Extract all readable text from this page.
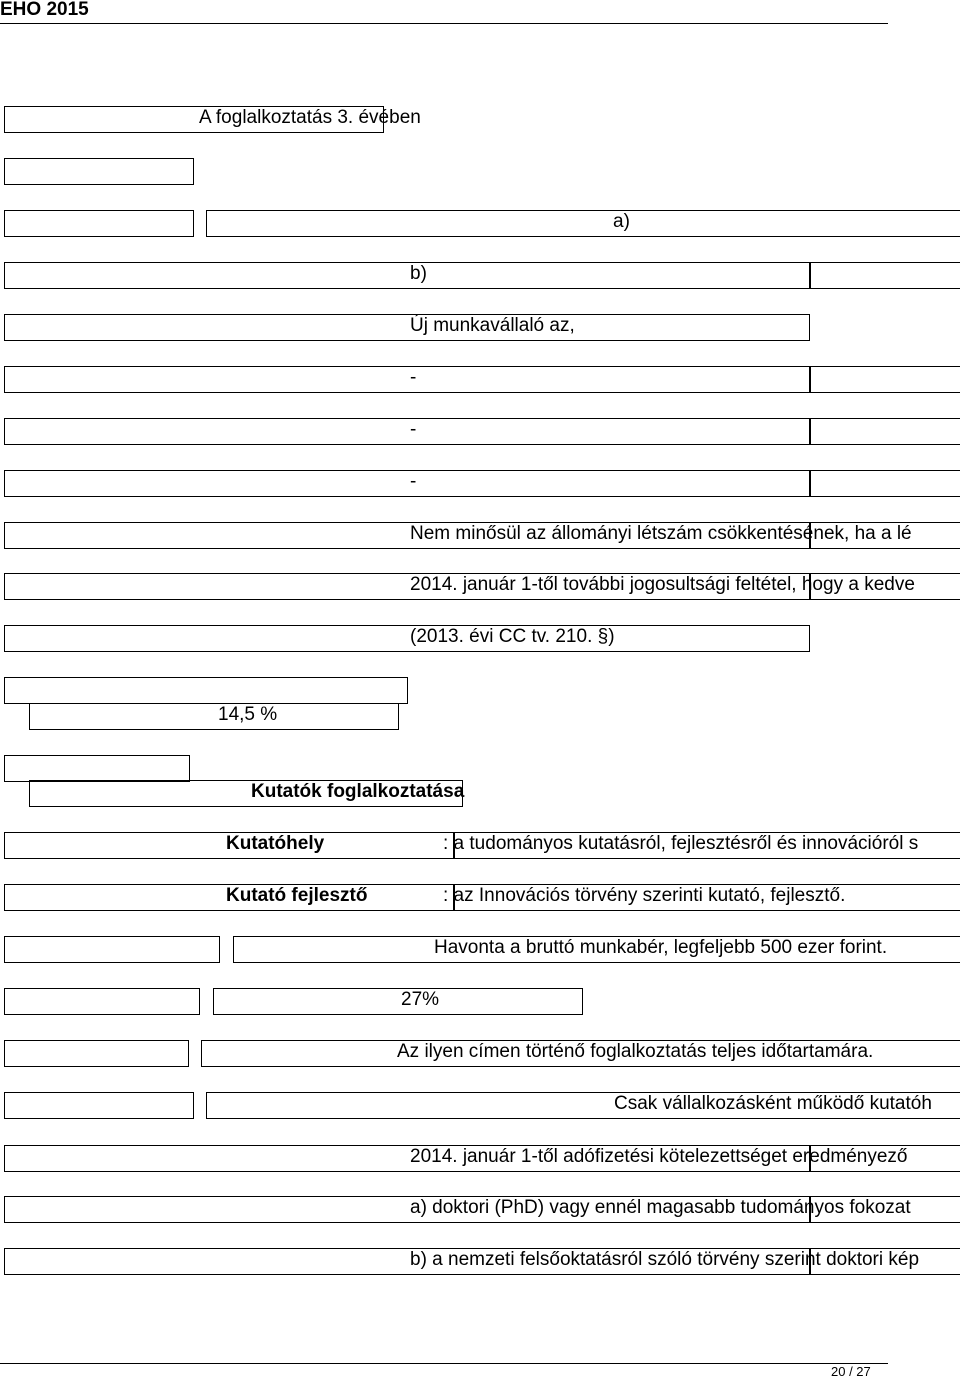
EHO 2015
A foglalkoztatás 3. évében
a)
b)
Új munkavállaló az,
-
-
-
Nem minősül az állományi létszám csökkentésének, ha a lé
2014. január 1-től további jogosultsági feltétel, hogy a kedve
(2013. évi CC tv. 210. §)
14,5 %
Kutatók foglalkoztatása
Kutatóhely	: a tudományos kutatásról, fejlesztésről és innovációról s
Kutató fejlesztő	: az Innovációs törvény szerinti kutató, fejlesztő.
Havonta a bruttó munkabér, legfeljebb 500 ezer forint.
27%
Az ilyen címen történő foglalkoztatás teljes időtartamára.
Csak vállalkozásként működő kutatóh
2014. január 1-től adófizetési kötelezettséget eredményező
a) doktori (PhD) vagy ennél magasabb tudományos fokozat
b) a nemzeti felsőoktatásról szóló törvény szerint doktori kép
20 / 27
